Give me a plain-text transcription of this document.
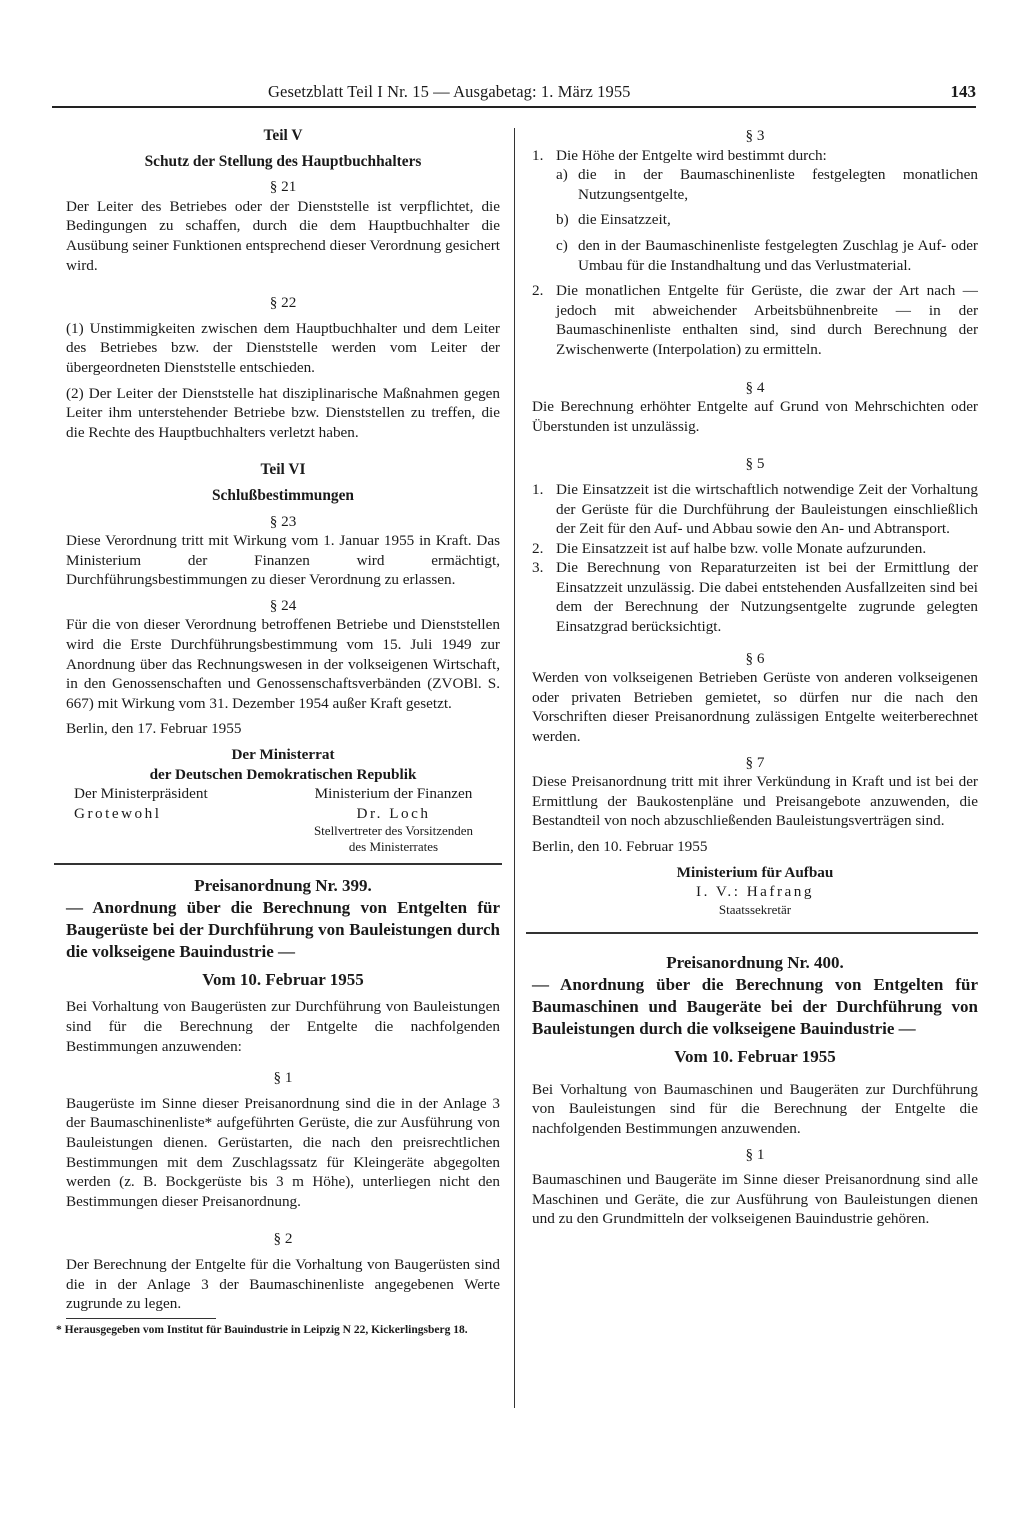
Gesetzblatt Teil I Nr. 15 — Ausgabetag: 1. März 1955	143
Teil V
Schutz der Stellung des Hauptbuchhalters

§ 21

Der Leiter des Betriebes oder der Dienststelle ist verpflichtet, die Bedingungen zu schaffen, durch die dem Hauptbuchhalter die Ausübung seiner Funktionen entsprechend dieser Verordnung gesichert wird.

§ 22

(1) Unstimmigkeiten zwischen dem Hauptbuchhalter und dem Leiter des Betriebes bzw. der Dienststelle werden vom Leiter der übergeordneten Dienststelle entschieden.

(2) Der Leiter der Dienststelle hat disziplinarische Maßnahmen gegen Leiter ihm unterstehender Betriebe bzw. Dienststellen zu treffen, die die Rechte des Hauptbuchhalters verletzt haben.

Teil VI
Schlußbestimmungen

§ 23

Diese Verordnung tritt mit Wirkung vom 1. Januar 1955 in Kraft. Das Ministerium der Finanzen wird ermächtigt, Durchführungsbestimmungen zu dieser Verordnung zu erlassen.

§ 24

Für die von dieser Verordnung betroffenen Betriebe und Dienststellen wird die Erste Durchführungsbestimmung vom 15. Juli 1949 zur Anordnung über das Rechnungswesen in der volkseigenen Wirtschaft, in den Genossenschaften und Genossenschaftsverbänden (ZVOBl. S. 667) mit Wirkung vom 31. Dezember 1954 außer Kraft gesetzt.

Berlin, den 17. Februar 1955

Der Ministerrat
der Deutschen Demokratischen Republik
Der Ministerpräsident	Ministerium der Finanzen
Grotewohl	Dr. Loch
Stellvertreter des Vorsitzenden
des Ministerrates
Preisanordnung Nr. 399.
— Anordnung über die Berechnung von Entgelten für Baugerüste bei der Durchführung von Bauleistungen durch die volkseigene Bauindustrie —
Vom 10. Februar 1955

Bei Vorhaltung von Baugerüsten zur Durchführung von Bauleistungen sind für die Berechnung der Entgelte die nachfolgenden Bestimmungen anzuwenden:

§ 1

Baugerüste im Sinne dieser Preisanordnung sind die in der Anlage 3 der Baumaschinenliste* aufgeführten Gerüste, die zur Ausführung von Bauleistungen dienen. Gerüstarten, die nach den preisrechtlichen Bestimmungen mit dem Zuschlagssatz für Kleingeräte abgegolten werden (z. B. Bockgerüste bis 3 m Höhe), unterliegen nicht den Bestimmungen dieser Preisanordnung.

§ 2

Der Berechnung der Entgelte für die Vorhaltung von Baugerüsten sind die in der Anlage 3 der Baumaschinenliste angegebenen Werte zugrunde zu legen.

* Herausgegeben vom Institut für Bauindustrie in Leipzig N 22, Kickerlingsberg 18.

§ 3

1. Die Höhe der Entgelte wird bestimmt durch:
a) die in der Baumaschinenliste festgelegten monatlichen Nutzungsentgelte,
b) die Einsatzzeit,
c) den in der Baumaschinenliste festgelegten Zuschlag je Auf- oder Umbau für die Instandhaltung und das Verlustmaterial.
2. Die monatlichen Entgelte für Gerüste, die zwar der Art nach — jedoch mit abweichender Arbeitsbühnenbreite — in der Baumaschinenliste enthalten sind, sind durch Berechnung der Zwischenwerte (Interpolation) zu ermitteln.

§ 4

Die Berechnung erhöhter Entgelte auf Grund von Mehrschichten oder Überstunden ist unzulässig.

§ 5

1. Die Einsatzzeit ist die wirtschaftlich notwendige Zeit der Vorhaltung der Gerüste für die Durchführung der Bauleistungen einschließlich der Zeit für den Auf- und Abbau sowie den An- und Abtransport.
2. Die Einsatzzeit ist auf halbe bzw. volle Monate aufzurunden.
3. Die Berechnung von Reparaturzeiten ist bei der Ermittlung der Einsatzzeit unzulässig. Die dabei entstehenden Ausfallzeiten sind bei dem der Berechnung der Nutzungsentgelte zugrunde gelegten Einsatzgrad berücksichtigt.

§ 6

Werden von volkseigenen Betrieben Gerüste von anderen volkseigenen oder privaten Betrieben gemietet, so dürfen nur die nach den Vorschriften dieser Preisanordnung zulässigen Entgelte weiterberechnet werden.

§ 7

Diese Preisanordnung tritt mit ihrer Verkündung in Kraft und ist bei der Ermittlung der Baukostenpläne und Preisangebote anzuwenden, die Bestandteil von noch abzuschließenden Bauleistungsverträgen sind.

Berlin, den 10. Februar 1955

Ministerium für Aufbau
I. V.: Hafrang
Staatssekretär
Preisanordnung Nr. 400.
— Anordnung über die Berechnung von Entgelten für Baumaschinen und Baugeräte bei der Durchführung von Bauleistungen durch die volkseigene Bauindustrie —
Vom 10. Februar 1955

Bei Vorhaltung von Baumaschinen und Baugeräten zur Durchführung von Bauleistungen sind für die Berechnung der Entgelte die nachfolgenden Bestimmungen anzuwenden.

§ 1

Baumaschinen und Baugeräte im Sinne dieser Preisanordnung sind alle Maschinen und Geräte, die zur Ausführung von Bauleistungen dienen und zu den Grundmitteln der volkseigenen Bauindustrie gehören.
